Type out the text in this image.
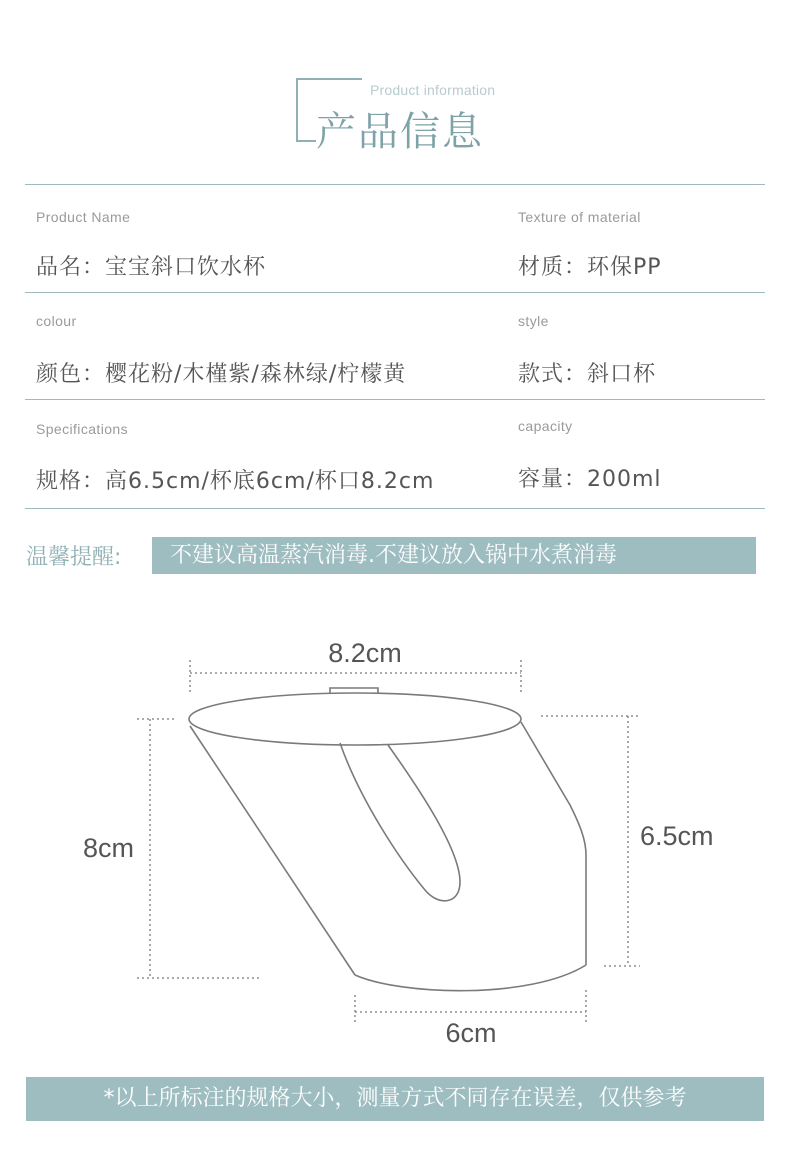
Product information
产品信息
Product Name
品名：宝宝斜口饮水杯
Texture of material
材质：环保PP
colour
颜色：樱花粉/木槿紫/森林绿/柠檬黄
style
款式：斜口杯
Specifications
规格：高6.5cm/杯底6cm/杯口8.2cm
capacity
容量：200ml
温馨提醒:	不建议高温蒸汽消毒.不建议放入锅中水煮消毒
8.2cm
8cm	6.5cm
6cm
*以上所标注的规格大小，测量方式不同存在误差，仅供参考
